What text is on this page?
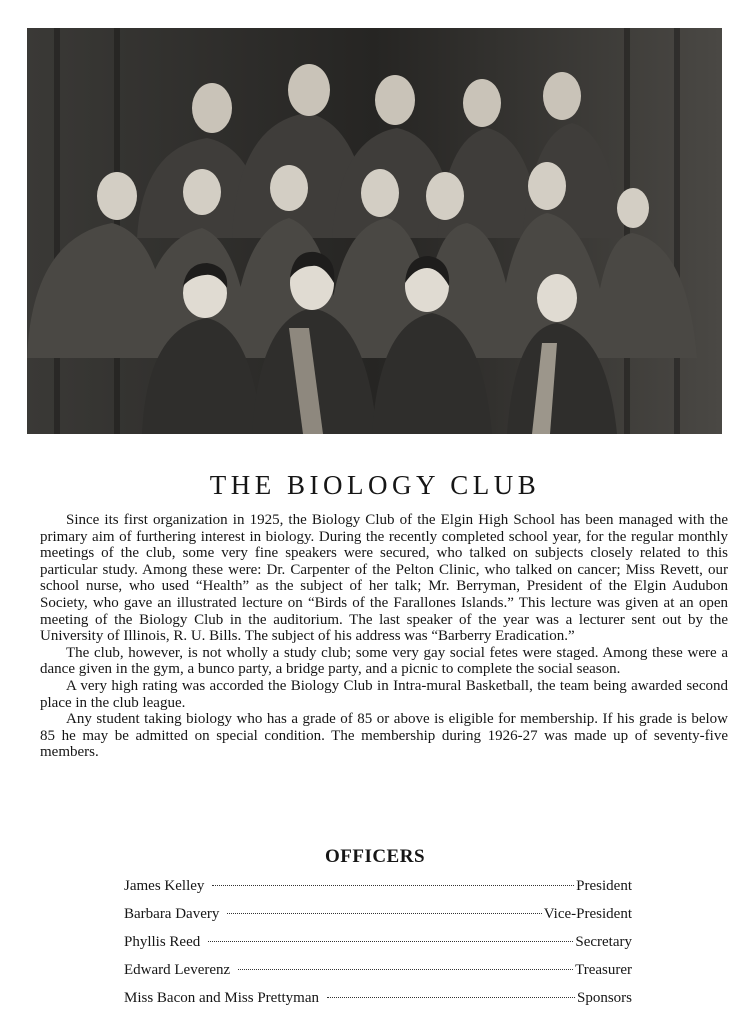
THE BIOLOGY CLUB

Since its first organization in 1925, the Biology Club of the Elgin High School has been managed with the primary aim of furthering interest in biology. During the recently completed school year, for the regular monthly meetings of the club, some very fine speakers were secured, who talked on subjects closely related to this particular study. Among these were: Dr. Carpenter of the Pelton Clinic, who talked on cancer; Miss Revett, our school nurse, who used “Health” as the subject of her talk; Mr. Berryman, President of the Elgin Audubon Society, who gave an illustrated lecture on “Birds of the Farallones Islands.” This lecture was given at an open meeting of the Biology Club in the auditorium. The last speaker of the year was a lecturer sent out by the University of Illinois, R. U. Bills. The subject of his address was “Barberry Eradication.”

The club, however, is not wholly a study club; some very gay social fetes were staged. Among these were a dance given in the gym, a bunco party, a bridge party, and a picnic to complete the social season.

A very high rating was accorded the Biology Club in Intra-mural Basketball, the team being awarded second place in the club league.

Any student taking biology who has a grade of 85 or above is eligible for membership. If his grade is below 85 he may be admitted on special condition. The membership during 1926-27 was made up of seventy-five members.

OFFICERS
James Kelley	President
Barbara Davery	Vice-President
Phyllis Reed	Secretary
Edward Leverenz	Treasurer
Miss Bacon and Miss Prettyman	Sponsors
